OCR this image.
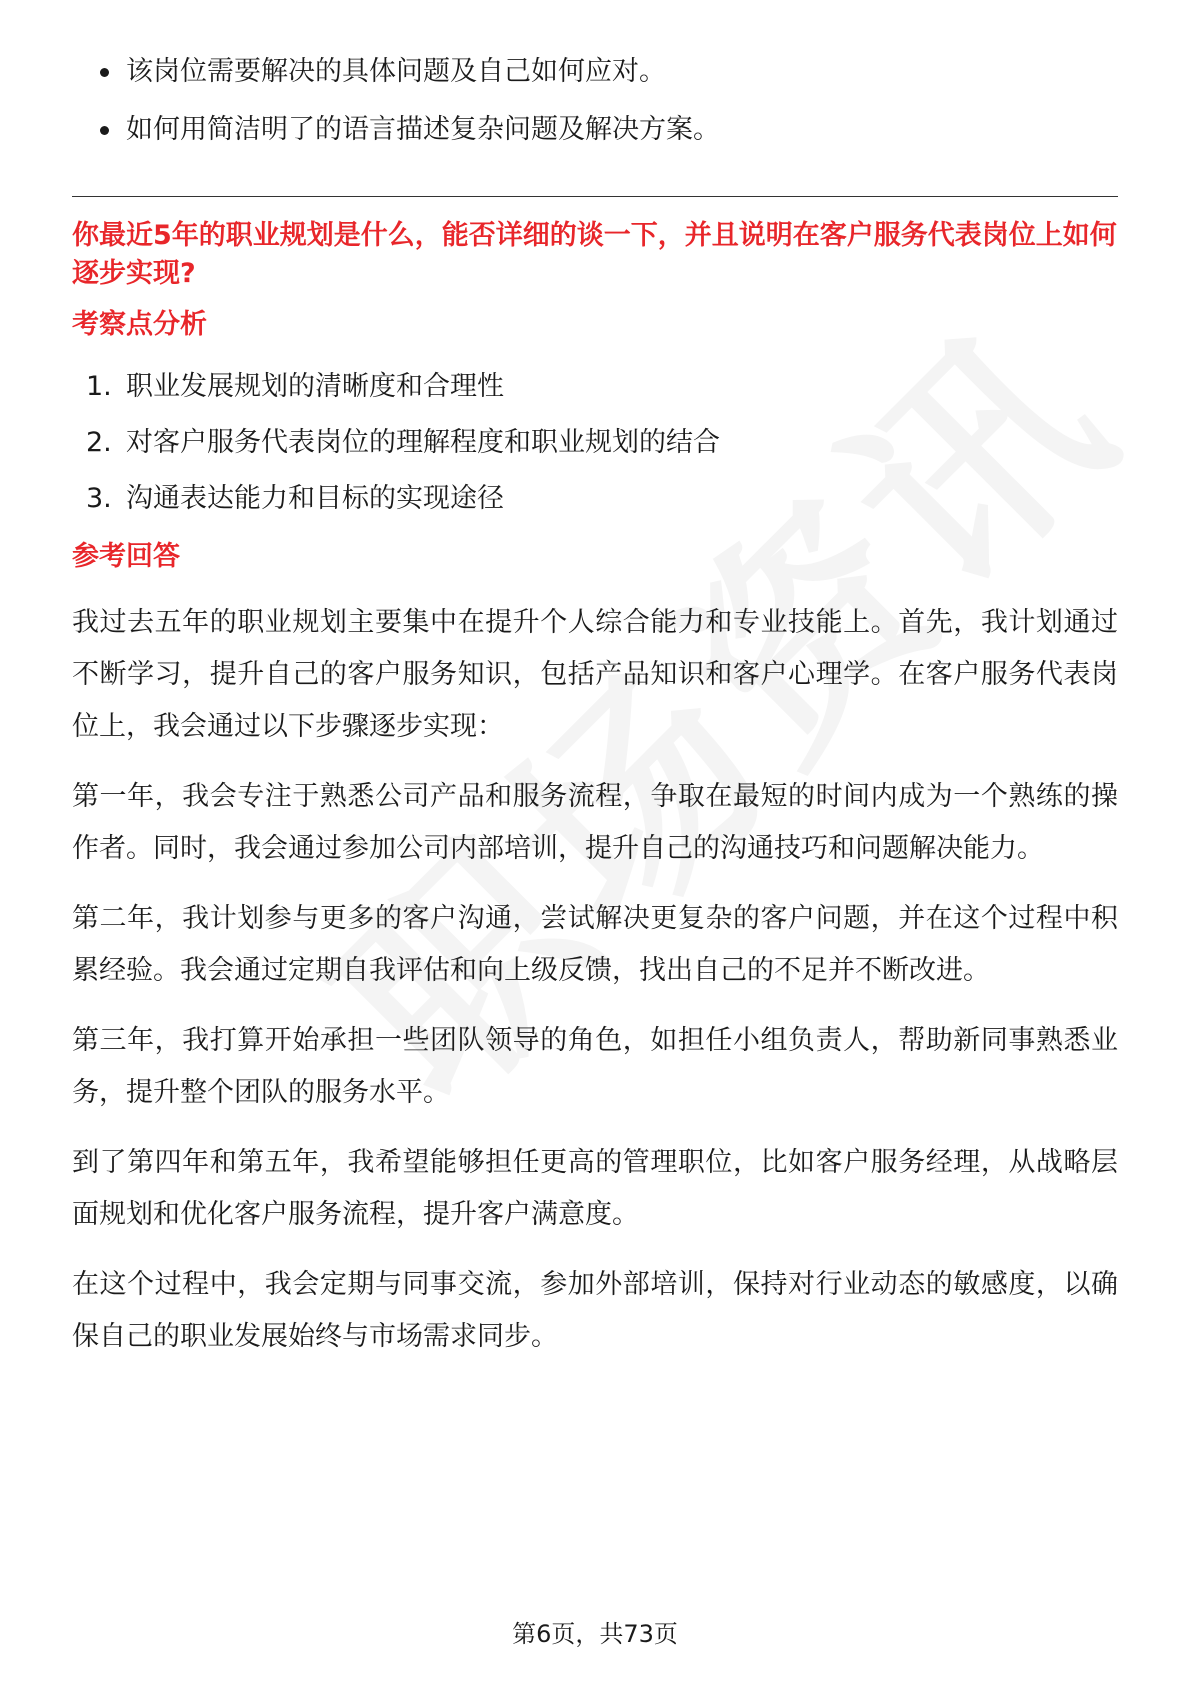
该岗位需要解决的具体问题及自己如何应对。
如何用简洁明了的语言描述复杂问题及解决方案。
你最近5年的职业规划是什么，能否详细的谈一下，并且说明在客户服务代表岗位上如何逐步实现?
考察点分析
1. 职业发展规划的清晰度和合理性
2. 对客户服务代表岗位的理解程度和职业规划的结合
3. 沟通表达能力和目标的实现途径
参考回答

我过去五年的职业规划主要集中在提升个人综合能力和专业技能上。首先，我计划通过不断学习，提升自己的客户服务知识，包括产品知识和客户心理学。在客户服务代表岗位上，我会通过以下步骤逐步实现：

第一年，我会专注于熟悉公司产品和服务流程，争取在最短的时间内成为一个熟练的操作者。同时，我会通过参加公司内部培训，提升自己的沟通技巧和问题解决能力。

第二年，我计划参与更多的客户沟通，尝试解决更复杂的客户问题，并在这个过程中积累经验。我会通过定期自我评估和向上级反馈，找出自己的不足并不断改进。

第三年，我打算开始承担一些团队领导的角色，如担任小组负责人，帮助新同事熟悉业务，提升整个团队的服务水平。

到了第四年和第五年，我希望能够担任更高的管理职位，比如客户服务经理，从战略层面规划和优化客户服务流程，提升客户满意度。

在这个过程中，我会定期与同事交流，参加外部培训，保持对行业动态的敏感度，以确保自己的职业发展始终与市场需求同步。

第6页，共73页
